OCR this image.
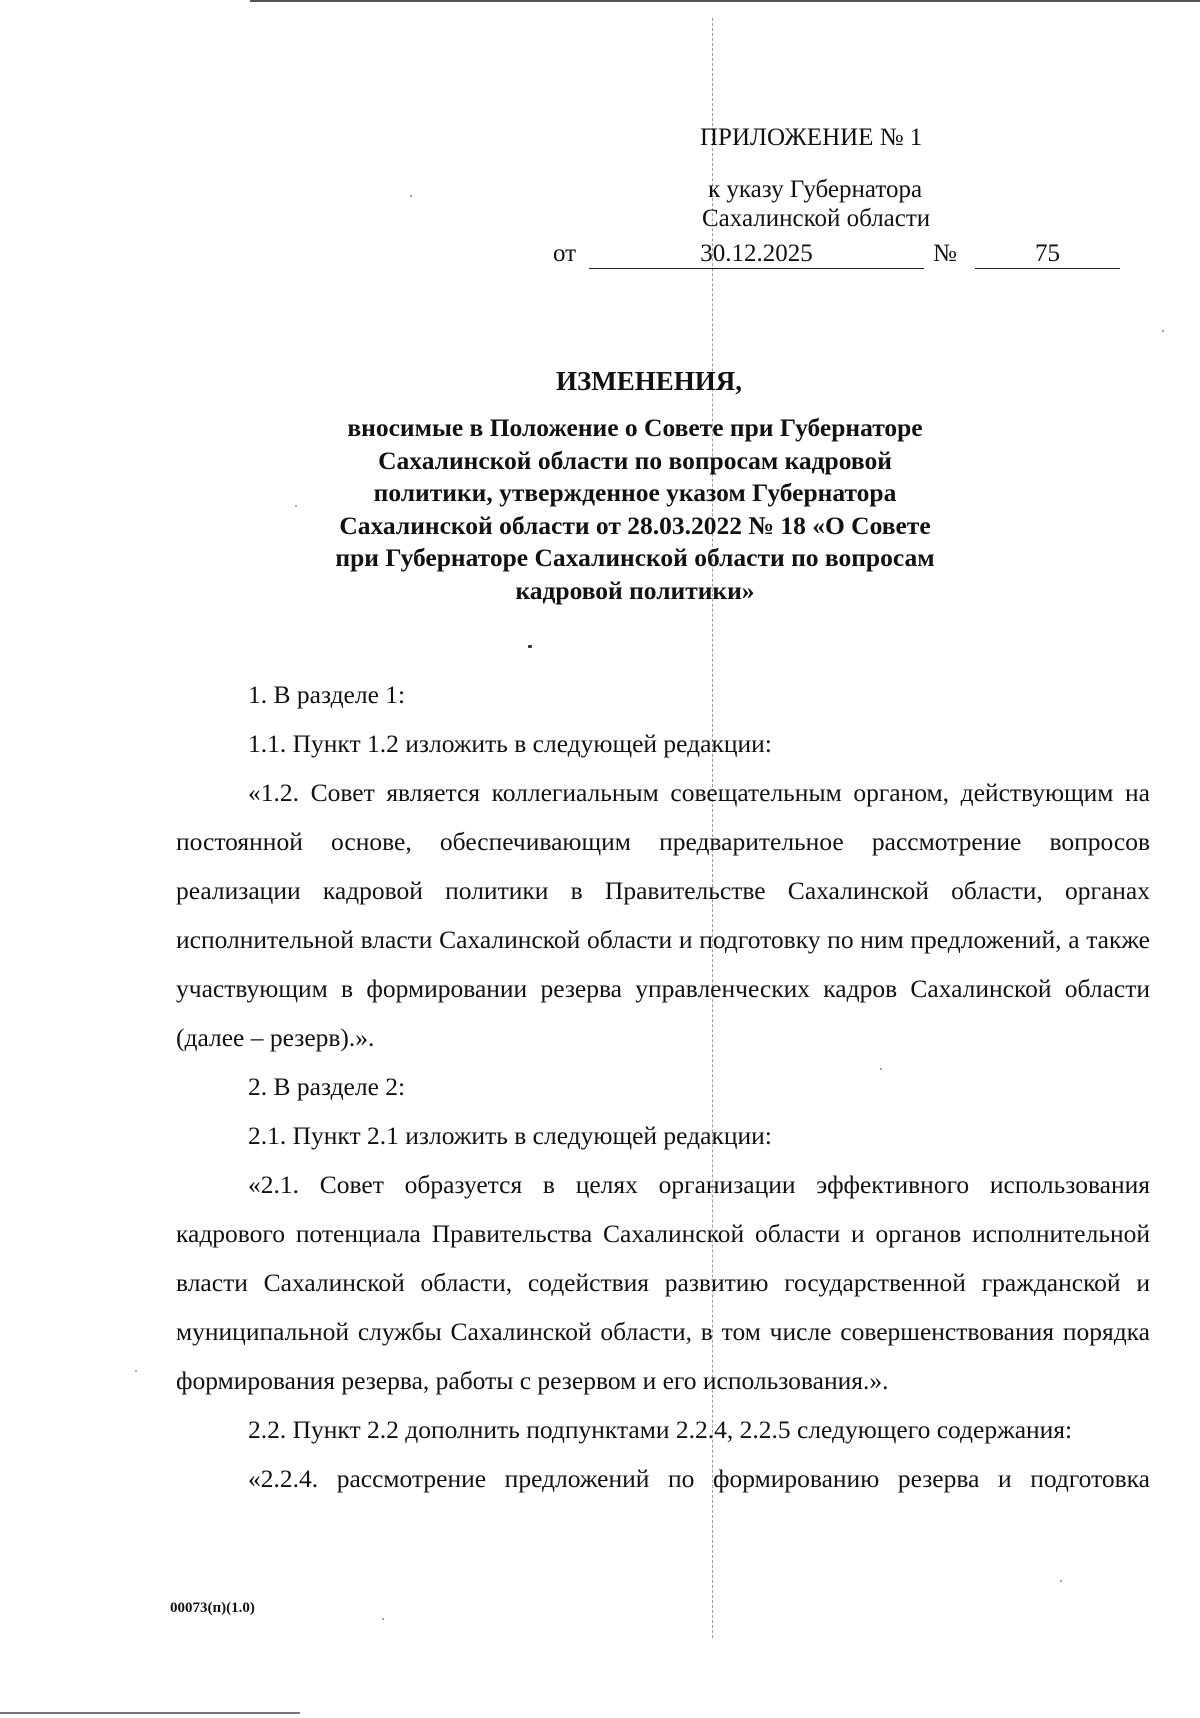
ПРИЛОЖЕНИЕ № 1
к указу Губернатора
Сахалинской области
от	30.12.2025	№	75
ИЗМЕНЕНИЯ,
вносимые в Положение о Совете при Губернаторе
Сахалинской области по вопросам кадровой
политики, утвержденное указом Губернатора
Сахалинской области от 28.03.2022 № 18 «О Совете
при Губернаторе Сахалинской области по вопросам
кадровой политики»

1. В разделе 1:

1.1. Пункт 1.2 изложить в следующей редакции:

«1.2. Совет является коллегиальным совещательным органом, действующим на постоянной основе, обеспечивающим предварительное рассмотрение вопросов реализации кадровой политики в Правительстве Сахалинской области, органах исполнительной власти Сахалинской области и подготовку по ним предложений, а также участвующим в формировании резерва управленческих кадров Сахалинской области (далее – резерв).».

2. В разделе 2:

2.1. Пункт 2.1 изложить в следующей редакции:

«2.1. Совет образуется в целях организации эффективного использования кадрового потенциала Правительства Сахалинской области и органов исполнительной власти Сахалинской области, содействия развитию государственной гражданской и муниципальной службы Сахалинской области, в том числе совершенствования порядка формирования резерва, работы с резервом и его использования.».

2.2. Пункт 2.2 дополнить подпунктами 2.2.4, 2.2.5 следующего содержания:

«2.2.4. рассмотрение предложений по формированию резерва и подготовка

00073(п)(1.0)
